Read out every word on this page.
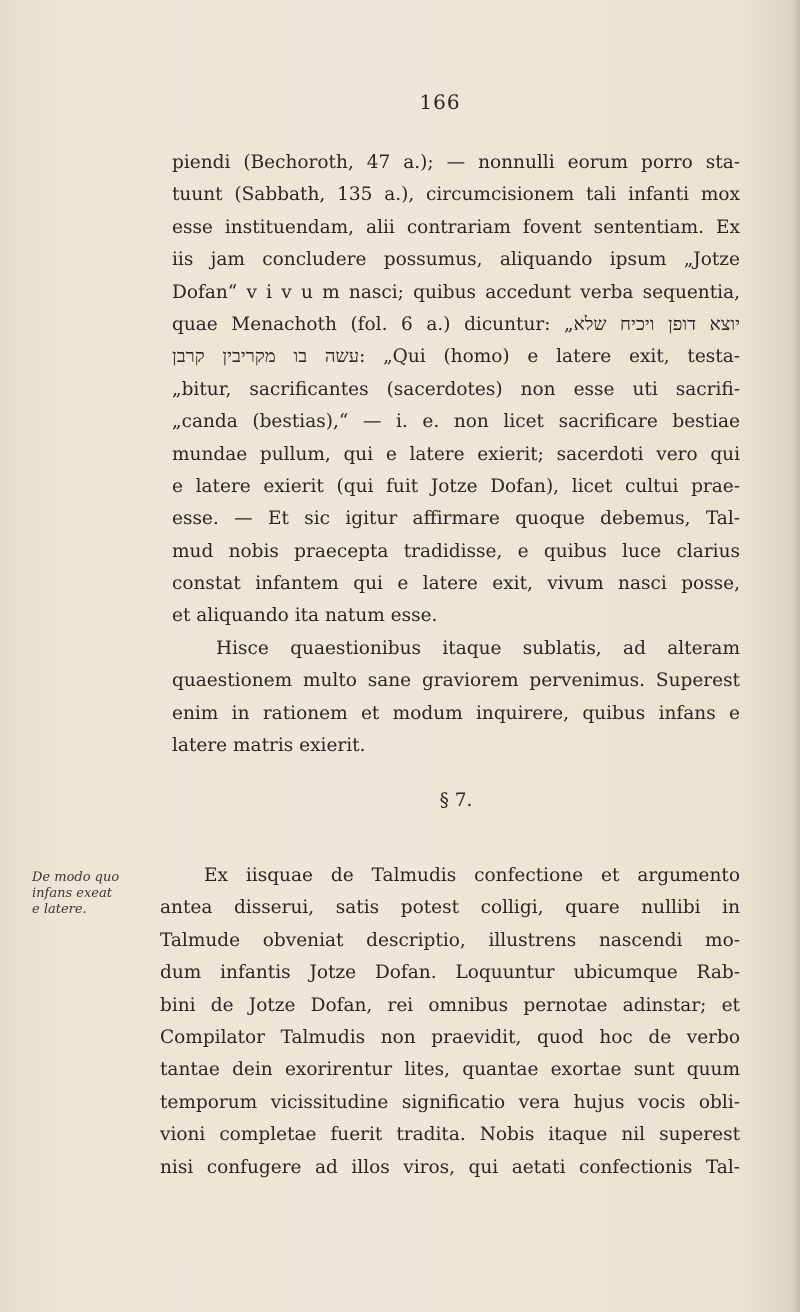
166
piendi (Bechoroth, 47 a.); — nonnulli eorum porro sta-
tuunt (Sabbath, 135 a.), circumcisionem tali infanti mox
esse instituendam, alii contrariam fovent sententiam. Ex
iis jam concludere possumus, aliquando ipsum „Jotze
Dofan“ v i v u m nasci; quibus accedunt verba sequentia,
quae Menachoth (fol. 6 a.) dicuntur: „יוצא דופן ויכיח שלא
עשה בו מקריבין קרבן: „Qui (homo) e latere exit, testa-
„bitur, sacrificantes (sacerdotes) non esse uti sacrifi-
„canda (bestias),“ — i. e. non licet sacrificare bestiae
mundae pullum, qui e latere exierit; sacerdoti vero qui
e latere exierit (qui fuit Jotze Dofan), licet cultui prae-
esse. — Et sic igitur affirmare quoque debemus, Tal-
mud nobis praecepta tradidisse, e quibus luce clarius
constat infantem qui e latere exit, vivum nasci posse,
et aliquando ita natum esse.
Hisce quaestionibus itaque sublatis, ad alteram
quaestionem multo sane graviorem pervenimus. Superest
enim in rationem et modum inquirere, quibus infans e
latere matris exierit.
§ 7.
De modo quo
infans exeat
e latere.
Ex iisquae de Talmudis confectione et argumento
antea disserui, satis potest colligi, quare nullibi in
Talmude obveniat descriptio, illustrens nascendi mo-
dum infantis Jotze Dofan. Loquuntur ubicumque Rab-
bini de Jotze Dofan, rei omnibus pernotae adinstar; et
Compilator Talmudis non praevidit, quod hoc de verbo
tantae dein exorirentur lites, quantae exortae sunt quum
temporum vicissitudine significatio vera hujus vocis obli-
vioni completae fuerit tradita. Nobis itaque nil superest
nisi confugere ad illos viros, qui aetati confectionis Tal-
